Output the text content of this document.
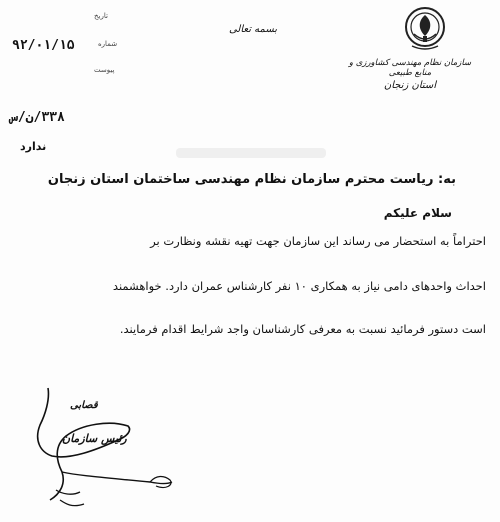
سازمان نظام مهندسی کشاورزی و منابع طبیعی
استان زنجان
بسمه تعالی
تاریخ
۹۲/۰۱/۱۵	شماره
۳۳۸/ن/س
پیوست
ندارد
به: ریاست محترم سازمان نظام مهندسی ساختمان استان زنجان
سلام علیکم
احتراماً به استحضار می رساند این سازمان جهت تهیه نقشه ونظارت بر
احداث واحدهای دامی نیاز به همکاری ۱۰ نفر کارشناس عمران دارد. خواهشمند
است دستور فرمائید نسبت به معرفی کارشناسان واجد شرایط اقدام فرمایند.
قصابی
رئیس سازمان
